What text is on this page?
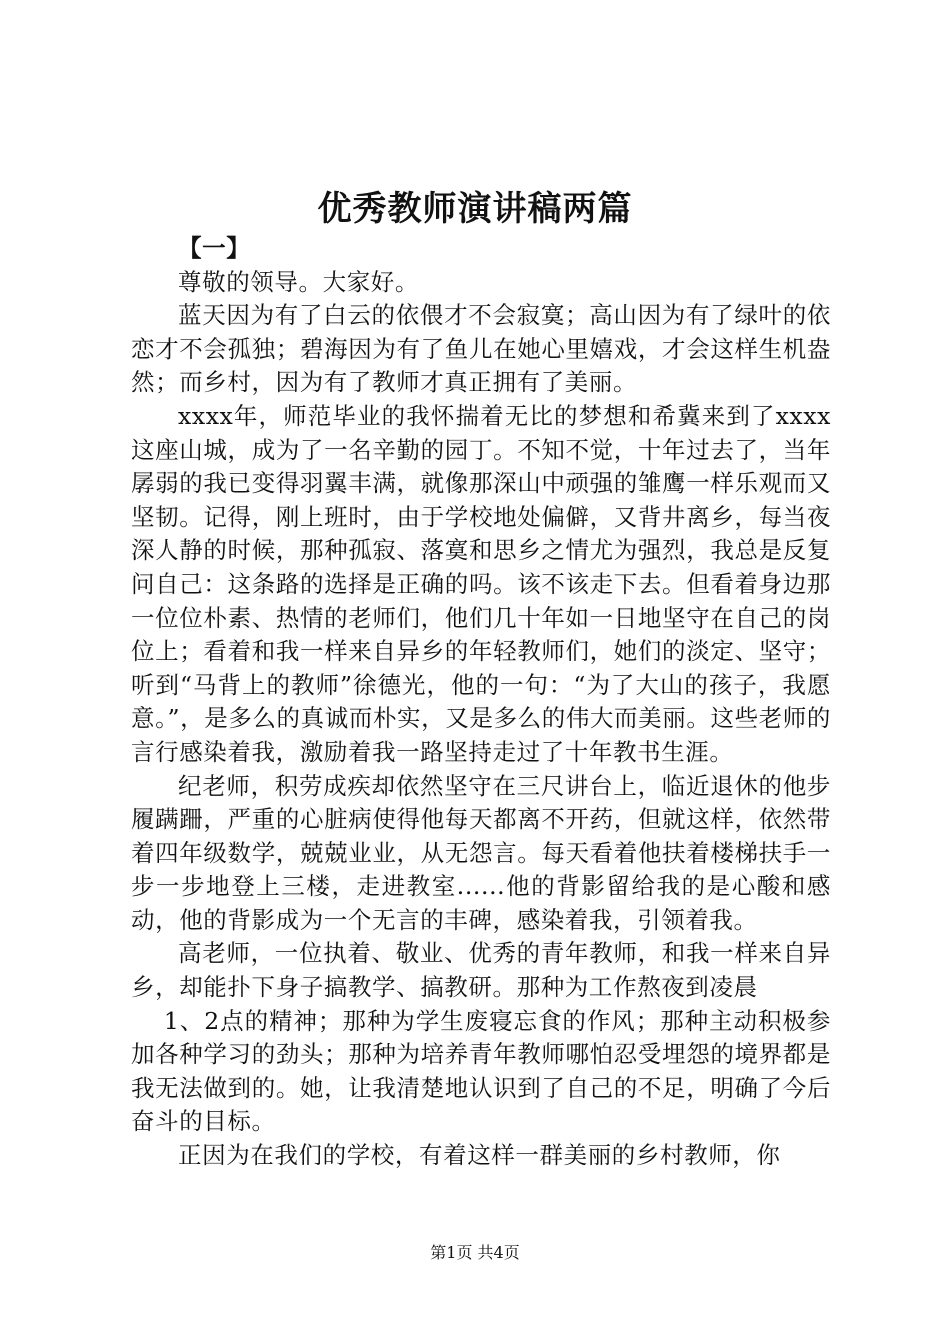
优秀教师演讲稿两篇

【一】

尊敬的领导。大家好。

蓝天因为有了白云的依偎才不会寂寞；高山因为有了绿叶的依恋才不会孤独；碧海因为有了鱼儿在她心里嬉戏，才会这样生机盎然；而乡村，因为有了教师才真正拥有了美丽。

xxxx年，师范毕业的我怀揣着无比的梦想和希冀来到了xxxx这座山城，成为了一名辛勤的园丁。不知不觉，十年过去了，当年孱弱的我已变得羽翼丰满，就像那深山中顽强的雏鹰一样乐观而又坚韧。记得，刚上班时，由于学校地处偏僻，又背井离乡，每当夜深人静的时候，那种孤寂、落寞和思乡之情尤为强烈，我总是反复问自己：这条路的选择是正确的吗。该不该走下去。但看着身边那一位位朴素、热情的老师们，他们几十年如一日地坚守在自己的岗位上；看着和我一样来自异乡的年轻教师们，她们的淡定、坚守；听到“马背上的教师”徐德光，他的一句：“为了大山的孩子，我愿意。”，是多么的真诚而朴实，又是多么的伟大而美丽。这些老师的言行感染着我，激励着我一路坚持走过了十年教书生涯。

纪老师，积劳成疾却依然坚守在三尺讲台上，临近退休的他步履蹒跚，严重的心脏病使得他每天都离不开药，但就这样，依然带着四年级数学，兢兢业业，从无怨言。每天看着他扶着楼梯扶手一步一步地登上三楼，走进教室......他的背影留给我的是心酸和感动，他的背影成为一个无言的丰碑，感染着我，引领着我。

高老师，一位执着、敬业、优秀的青年教师，和我一样来自异乡，却能扑下身子搞教学、搞教研。那种为工作熬夜到凌晨

1、2点的精神；那种为学生废寝忘食的作风；那种主动积极参加各种学习的劲头；那种为培养青年教师哪怕忍受埋怨的境界都是我无法做到的。她，让我清楚地认识到了自己的不足，明确了今后奋斗的目标。

正因为在我们的学校，有着这样一群美丽的乡村教师，你

第1页 共4页
